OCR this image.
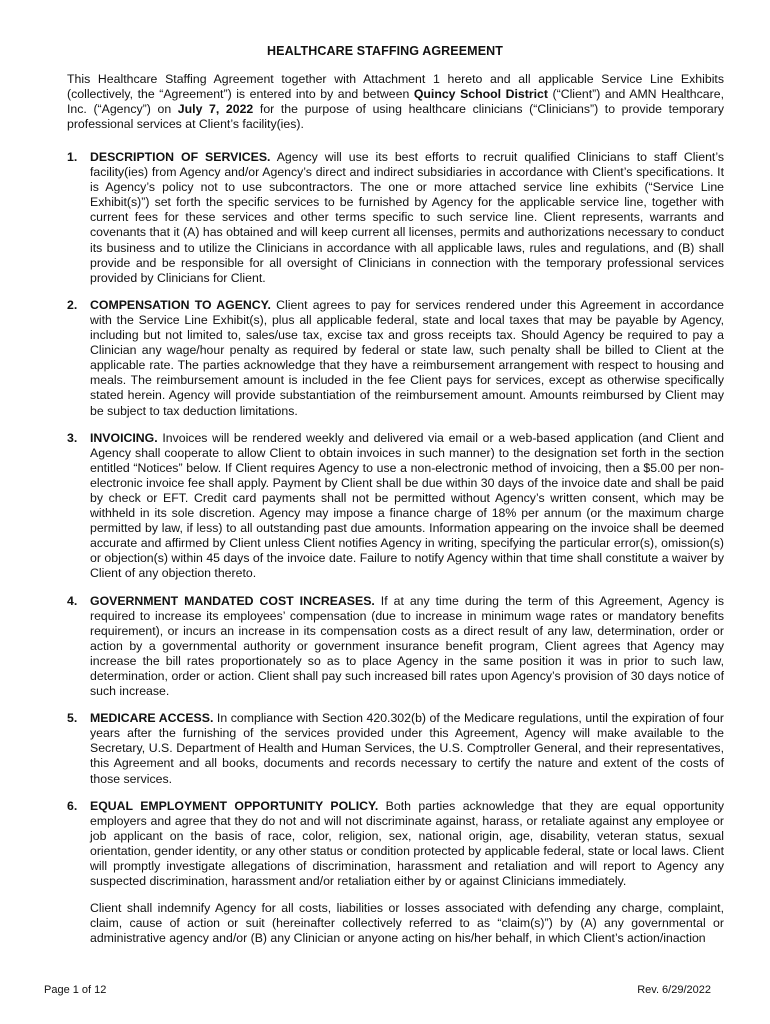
HEALTHCARE STAFFING AGREEMENT
This Healthcare Staffing Agreement together with Attachment 1 hereto and all applicable Service Line Exhibits (collectively, the “Agreement”) is entered into by and between Quincy School District (“Client”) and AMN Healthcare, Inc. (“Agency”) on July 7, 2022 for the purpose of using healthcare clinicians (“Clinicians”) to provide temporary professional services at Client’s facility(ies).
1. DESCRIPTION OF SERVICES. Agency will use its best efforts to recruit qualified Clinicians to staff Client’s facility(ies) from Agency and/or Agency’s direct and indirect subsidiaries in accordance with Client’s specifications. It is Agency’s policy not to use subcontractors. The one or more attached service line exhibits (“Service Line Exhibit(s)”) set forth the specific services to be furnished by Agency for the applicable service line, together with current fees for these services and other terms specific to such service line. Client represents, warrants and covenants that it (A) has obtained and will keep current all licenses, permits and authorizations necessary to conduct its business and to utilize the Clinicians in accordance with all applicable laws, rules and regulations, and (B) shall provide and be responsible for all oversight of Clinicians in connection with the temporary professional services provided by Clinicians for Client.
2. COMPENSATION TO AGENCY. Client agrees to pay for services rendered under this Agreement in accordance with the Service Line Exhibit(s), plus all applicable federal, state and local taxes that may be payable by Agency, including but not limited to, sales/use tax, excise tax and gross receipts tax. Should Agency be required to pay a Clinician any wage/hour penalty as required by federal or state law, such penalty shall be billed to Client at the applicable rate. The parties acknowledge that they have a reimbursement arrangement with respect to housing and meals. The reimbursement amount is included in the fee Client pays for services, except as otherwise specifically stated herein. Agency will provide substantiation of the reimbursement amount. Amounts reimbursed by Client may be subject to tax deduction limitations.
3. INVOICING. Invoices will be rendered weekly and delivered via email or a web-based application (and Client and Agency shall cooperate to allow Client to obtain invoices in such manner) to the designation set forth in the section entitled “Notices” below. If Client requires Agency to use a non-electronic method of invoicing, then a $5.00 per non-electronic invoice fee shall apply. Payment by Client shall be due within 30 days of the invoice date and shall be paid by check or EFT. Credit card payments shall not be permitted without Agency’s written consent, which may be withheld in its sole discretion. Agency may impose a finance charge of 18% per annum (or the maximum charge permitted by law, if less) to all outstanding past due amounts. Information appearing on the invoice shall be deemed accurate and affirmed by Client unless Client notifies Agency in writing, specifying the particular error(s), omission(s) or objection(s) within 45 days of the invoice date. Failure to notify Agency within that time shall constitute a waiver by Client of any objection thereto.
4. GOVERNMENT MANDATED COST INCREASES. If at any time during the term of this Agreement, Agency is required to increase its employees’ compensation (due to increase in minimum wage rates or mandatory benefits requirement), or incurs an increase in its compensation costs as a direct result of any law, determination, order or action by a governmental authority or government insurance benefit program, Client agrees that Agency may increase the bill rates proportionately so as to place Agency in the same position it was in prior to such law, determination, order or action. Client shall pay such increased bill rates upon Agency’s provision of 30 days notice of such increase.
5. MEDICARE ACCESS. In compliance with Section 420.302(b) of the Medicare regulations, until the expiration of four years after the furnishing of the services provided under this Agreement, Agency will make available to the Secretary, U.S. Department of Health and Human Services, the U.S. Comptroller General, and their representatives, this Agreement and all books, documents and records necessary to certify the nature and extent of the costs of those services.
6. EQUAL EMPLOYMENT OPPORTUNITY POLICY. Both parties acknowledge that they are equal opportunity employers and agree that they do not and will not discriminate against, harass, or retaliate against any employee or job applicant on the basis of race, color, religion, sex, national origin, age, disability, veteran status, sexual orientation, gender identity, or any other status or condition protected by applicable federal, state or local laws. Client will promptly investigate allegations of discrimination, harassment and retaliation and will report to Agency any suspected discrimination, harassment and/or retaliation either by or against Clinicians immediately.
Client shall indemnify Agency for all costs, liabilities or losses associated with defending any charge, complaint, claim, cause of action or suit (hereinafter collectively referred to as “claim(s)”) by (A) any governmental or administrative agency and/or (B) any Clinician or anyone acting on his/her behalf, in which Client’s action/inaction
Page 1 of 12	Rev. 6/29/2022
